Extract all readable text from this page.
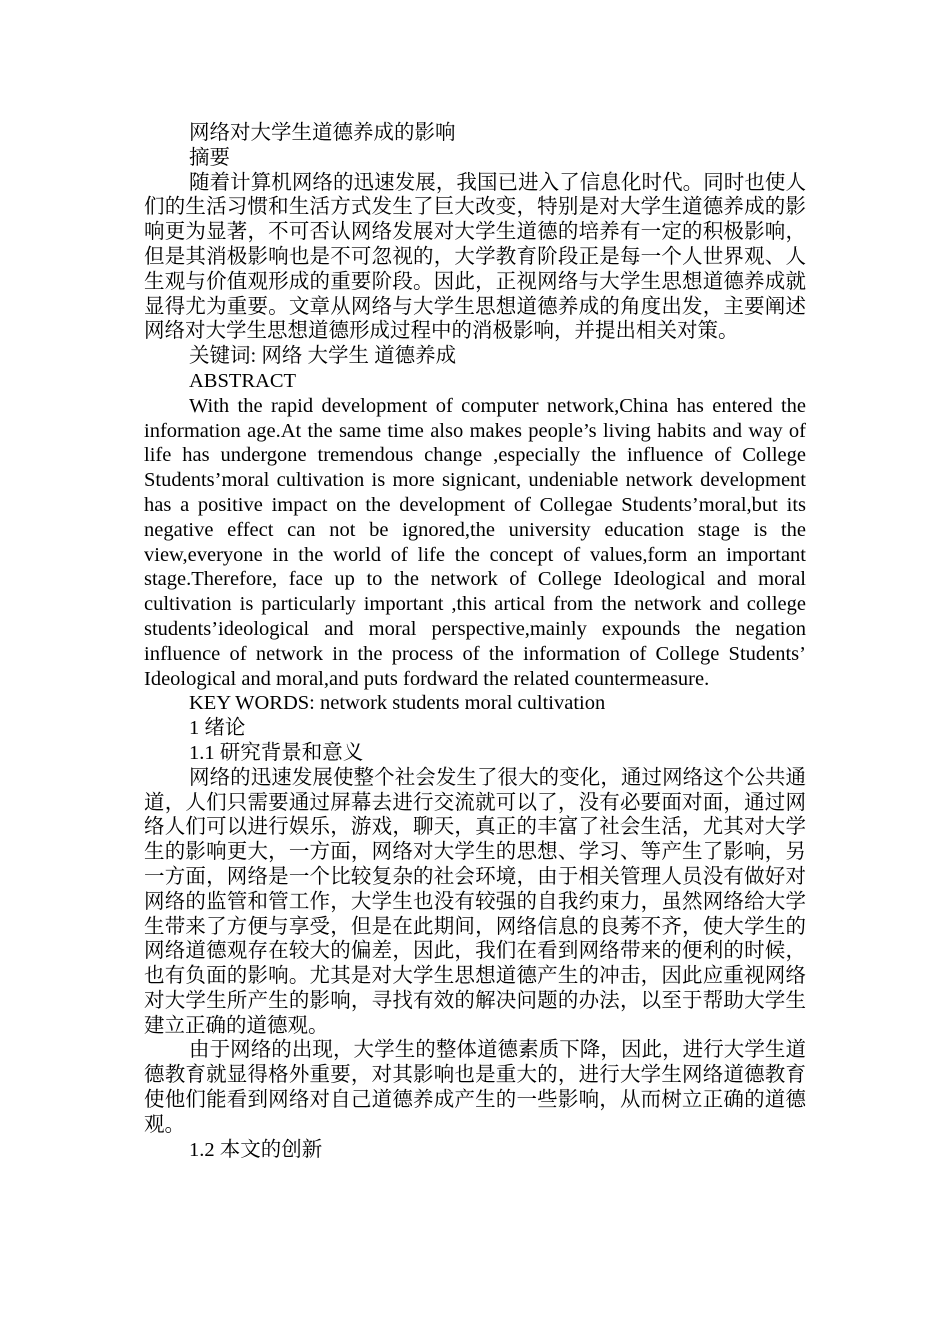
网络对大学生道德养成的影响

摘要

随着计算机网络的迅速发展，我国已进入了信息化时代。同时也使人们的生活习惯和生活方式发生了巨大改变，特别是对大学生道德养成的影响更为显著，不可否认网络发展对大学生道德的培养有一定的积极影响，但是其消极影响也是不可忽视的，大学教育阶段正是每一个人世界观、人生观与价值观形成的重要阶段。因此，正视网络与大学生思想道德养成就显得尤为重要。文章从网络与大学生思想道德养成的角度出发，主要阐述网络对大学生思想道德形成过程中的消极影响，并提出相关对策。

关键词: 网络 大学生 道德养成

ABSTRACT

With the rapid development of computer network,China has entered the information age.At the same time also makes people’s living habits and way of life has undergone tremendous change ,especially the influence of College Students’moral cultivation is more signicant, undeniable network development has a positive impact on the development of Collegae Students’moral,but its negative effect can not be ignored,the university education stage is the view,everyone in the world of life the concept of values,form an important stage.Therefore, face up to the network of College Ideological and moral cultivation is particularly important ,this artical from the network and college students’ideological and moral perspective,mainly expounds the negation influence of network in the process of the information of College Students’ Ideological and moral,and puts fordward the related countermeasure.

KEY WORDS: network students moral cultivation

1 绪论

1.1 研究背景和意义

网络的迅速发展使整个社会发生了很大的变化，通过网络这个公共通道，人们只需要通过屏幕去进行交流就可以了，没有必要面对面，通过网络人们可以进行娱乐，游戏，聊天，真正的丰富了社会生活，尤其对大学生的影响更大，一方面，网络对大学生的思想、学习、等产生了影响，另一方面，网络是一个比较复杂的社会环境，由于相关管理人员没有做好对网络的监管和管工作，大学生也没有较强的自我约束力，虽然网络给大学生带来了方便与享受，但是在此期间，网络信息的良莠不齐，使大学生的网络道德观存在较大的偏差，因此，我们在看到网络带来的便利的时候，也有负面的影响。尤其是对大学生思想道德产生的冲击，因此应重视网络对大学生所产生的影响，寻找有效的解决问题的办法，以至于帮助大学生建立正确的道德观。

由于网络的出现，大学生的整体道德素质下降，因此，进行大学生道德教育就显得格外重要，对其影响也是重大的，进行大学生网络道德教育使他们能看到网络对自己道德养成产生的一些影响，从而树立正确的道德观。

1.2 本文的创新
